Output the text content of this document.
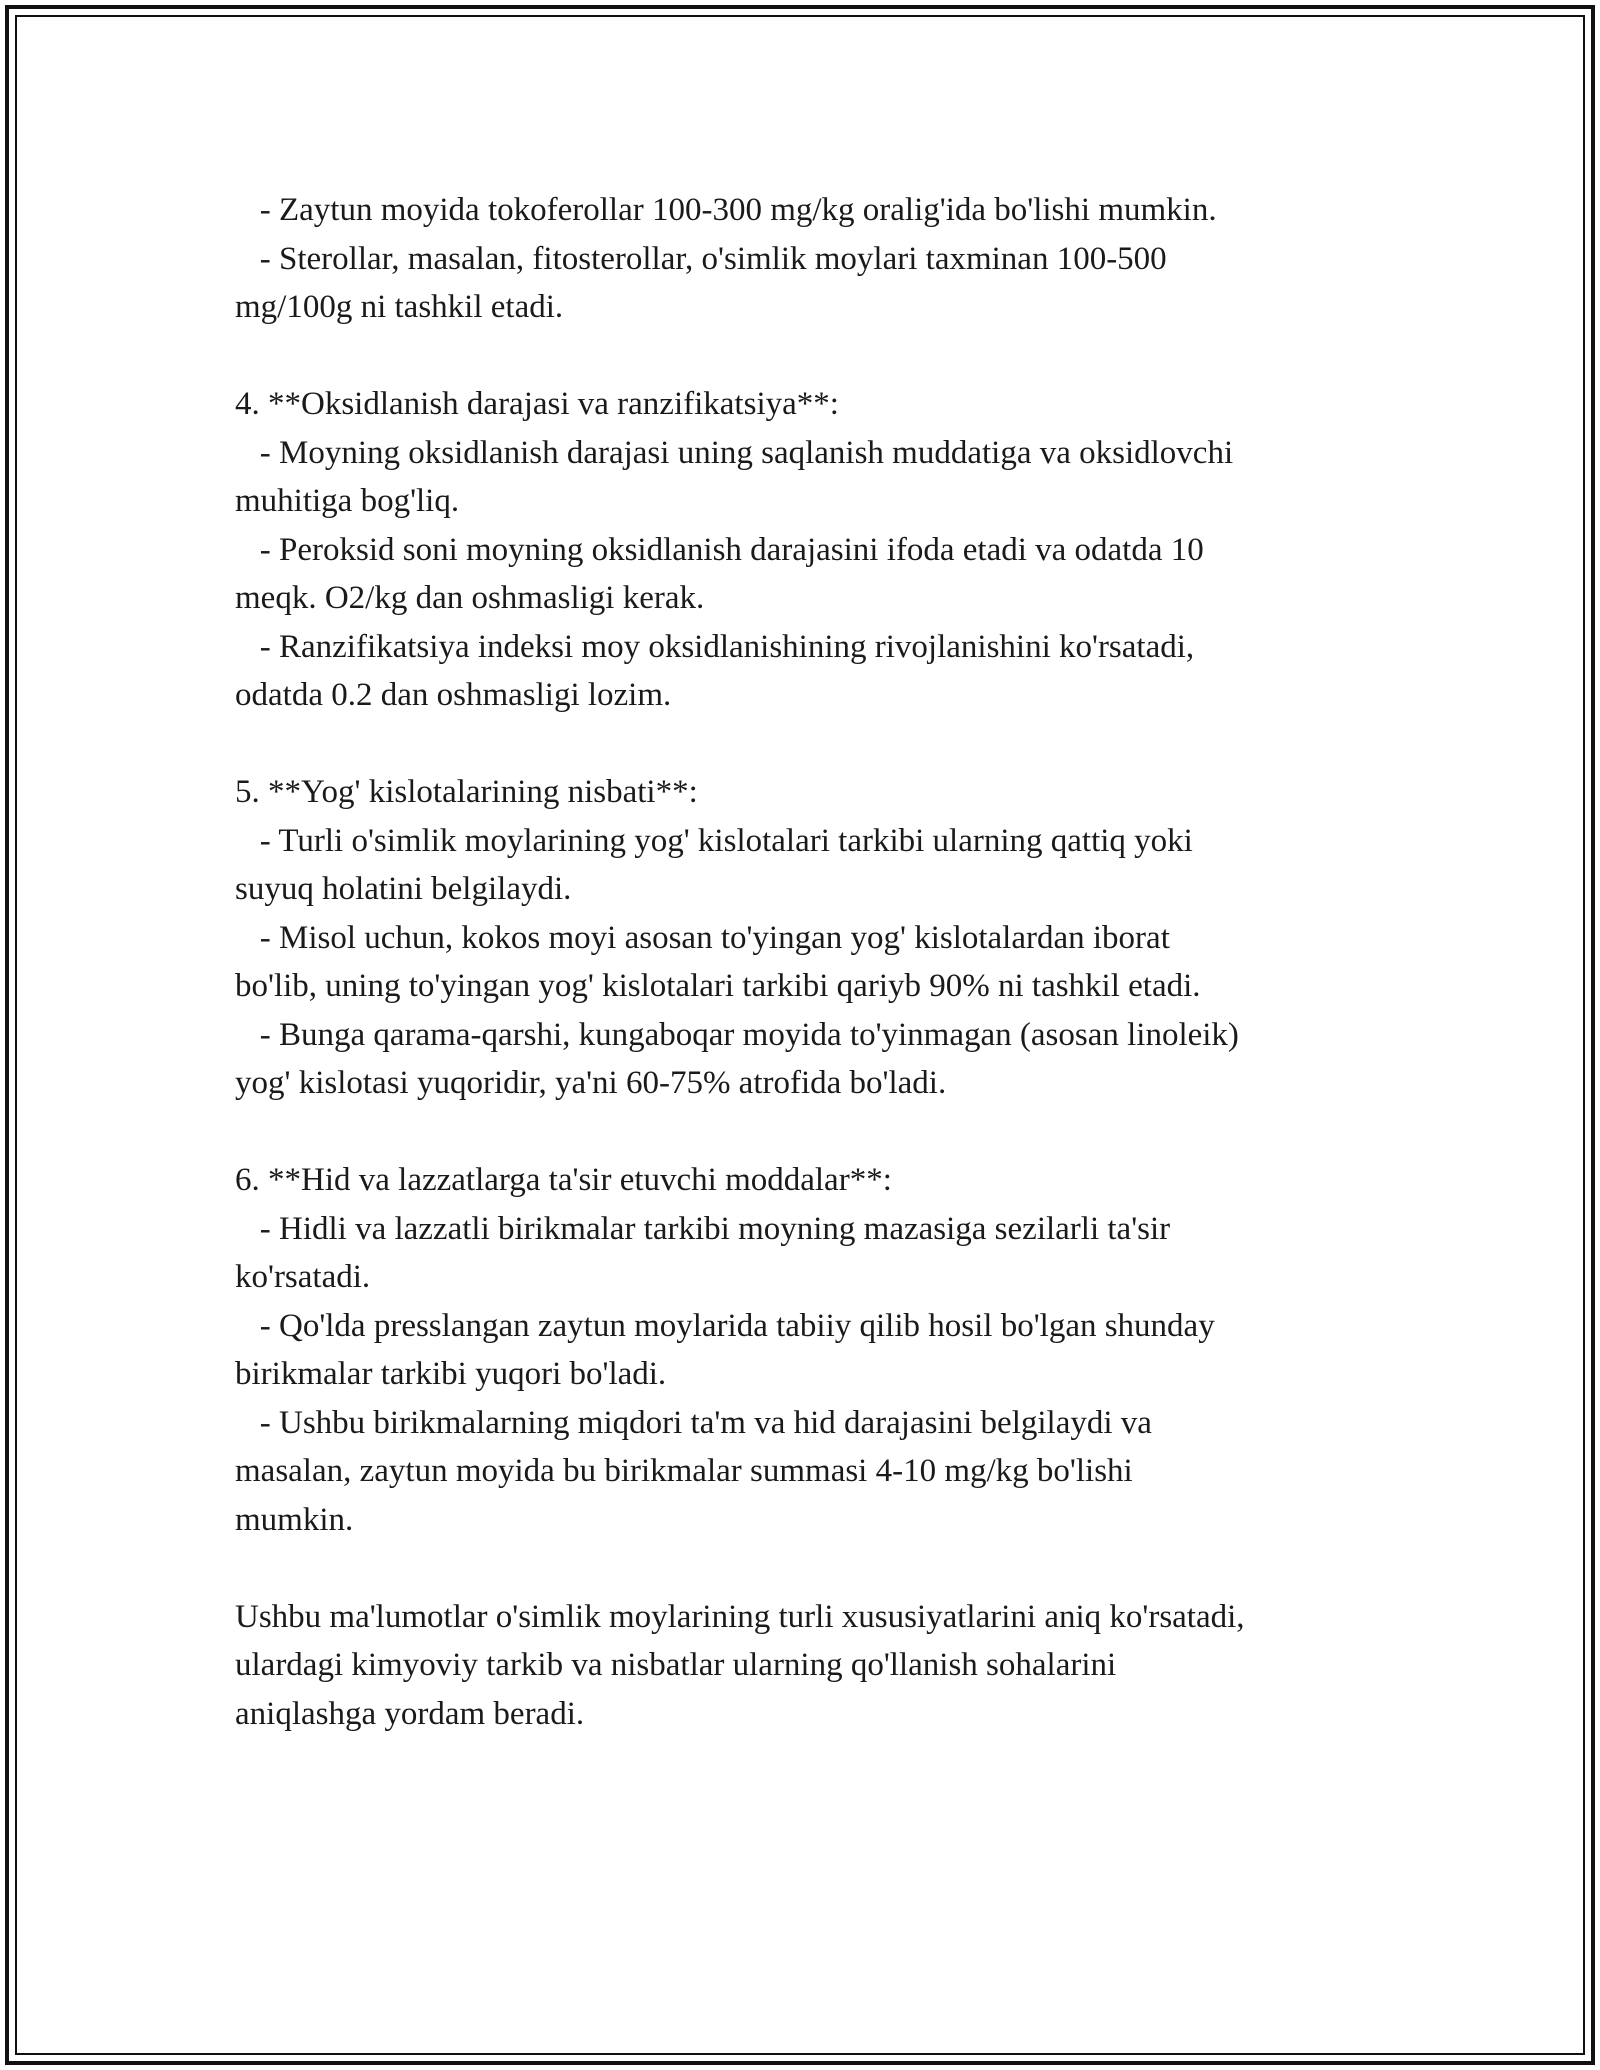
- Zaytun moyida tokoferollar 100-300 mg/kg oralig'ida bo'lishi mumkin.
- Sterollar, masalan, fitosterollar, o'simlik moylari taxminan 100-500
mg/100g ni tashkil etadi.
4. **Oksidlanish darajasi va ranzifikatsiya**:
- Moyning oksidlanish darajasi uning saqlanish muddatiga va oksidlovchi
muhitiga bog'liq.
- Peroksid soni moyning oksidlanish darajasini ifoda etadi va odatda 10
meqk. O2/kg dan oshmasligi kerak.
- Ranzifikatsiya indeksi moy oksidlanishining rivojlanishini ko'rsatadi,
odatda 0.2 dan oshmasligi lozim.
5. **Yog' kislotalarining nisbati**:
- Turli o'simlik moylarining yog' kislotalari tarkibi ularning qattiq yoki
suyuq holatini belgilaydi.
- Misol uchun, kokos moyi asosan to'yingan yog' kislotalardan iborat
bo'lib, uning to'yingan yog' kislotalari tarkibi qariyb 90% ni tashkil etadi.
- Bunga qarama-qarshi, kungaboqar moyida to'yinmagan (asosan linoleik)
yog' kislotasi yuqoridir, ya'ni 60-75% atrofida bo'ladi.
6. **Hid va lazzatlarga ta'sir etuvchi moddalar**:
- Hidli va lazzatli birikmalar tarkibi moyning mazasiga sezilarli ta'sir
ko'rsatadi.
- Qo'lda presslangan zaytun moylarida tabiiy qilib hosil bo'lgan shunday
birikmalar tarkibi yuqori bo'ladi.
- Ushbu birikmalarning miqdori ta'm va hid darajasini belgilaydi va
masalan, zaytun moyida bu birikmalar summasi 4-10 mg/kg bo'lishi
mumkin.
Ushbu ma'lumotlar o'simlik moylarining turli xususiyatlarini aniq ko'rsatadi,
ulardagi kimyoviy tarkib va nisbatlar ularning qo'llanish sohalarini
aniqlashga yordam beradi.
